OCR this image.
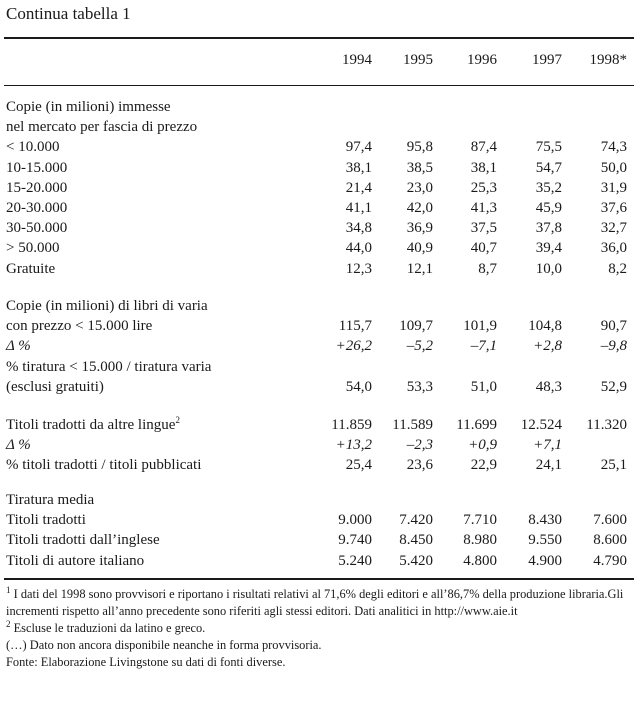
Continua tabella 1
1994 1995 1996 1997 1998*
Copie (in milioni) immesse
nel mercato per fascia di prezzo
< 10.000	97,4 95,8	87,4	75,5	74,3
10-15.000	38,1 38,5	38,1	54,7	50,0
15-20.000	21,4 23,0	25,3	35,2	31,9
20-30.000	41,1 42,0	41,3	45,9	37,6
30-50.000	34,8 36,9	37,5	37,8	32,7
> 50.000	44,0 40,9	40,7	39,4	36,0
Gratuite	12,3 12,1	8,7	10,0	8,2
Copie (in milioni) di libri di varia
con prezzo < 15.000 lire	115,7 109,7 101,9 104,8	90,7
Δ %	+26,2 –5,2	–7,1 +2,8	–9,8
% tiratura < 15.000 / tiratura varia
(esclusi gratuiti)	54,0 53,3	51,0	48,3	52,9
Titoli tradotti da altre lingue$^2$	11.859 11.589 11.699 12.524 11.320
Δ %	+13,2 –2,3 +0,9 +7,1
% titoli tradotti / titoli pubblicati	25,4 23,6	22,9	24,1	25,1
Tiratura media
Titoli tradotti	9.000 7.420 7.710 8.430 7.600
Titoli tradotti dall’inglese	9.740 8.450 8.980 9.550 8.600
Titoli di autore italiano	5.240 5.420 4.800 4.900 4.790

$^1$ I dati del 1998 sono provvisori e riportano i risultati relativi al 71,6% degli editori e all’86,7% della produzione libraria.Gli incrementi rispetto all’anno precedente sono riferiti agli stessi editori. Dati analitici in http://www.aie.it

$^2$ Escluse le traduzioni da latino e greco.

(…) Dato non ancora disponibile neanche in forma provvisoria.

Fonte: Elaborazione Livingstone su dati di fonti diverse.
